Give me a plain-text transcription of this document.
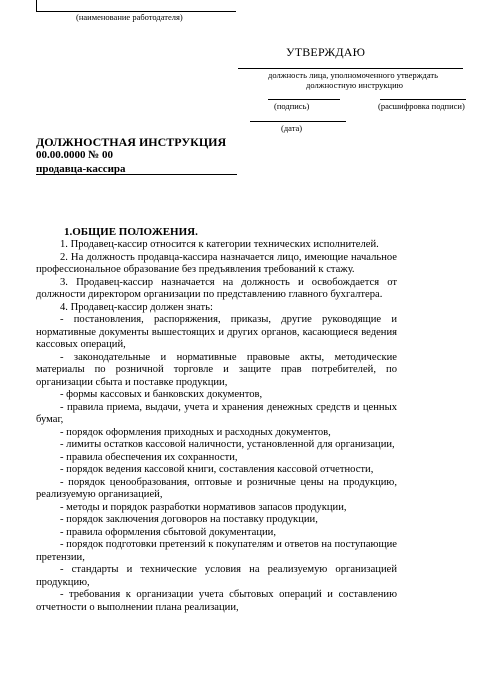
(наименование работодателя)
УТВЕРЖДАЮ
должность лица, уполномоченного утверждать
должностную инструкцию
(подпись)	(расшифровка подписи)
(дата)
ДОЛЖНОСТНАЯ ИНСТРУКЦИЯ
00.00.0000 № 00
продавца-кассира
1.ОБЩИЕ ПОЛОЖЕНИЯ.

1. Продавец-кассир относится к категории технических исполнителей.

2. На должность продавца-кассира назначается лицо, имеющие начальное профессиональное образование без предъявления требований к стажу.

3. Продавец-кассир назначается на должность и освобождается от должности директором организации по представлению главного бухгалтера.

4. Продавец-кассир должен знать:

- постановления, распоряжения, приказы, другие руководящие и нормативные документы вышестоящих и других органов, касающиеся ведения кассовых операций,

- законодательные и нормативные правовые акты, методические материалы по розничной торговле и защите прав потребителей, по организации сбыта и поставке продукции,

- формы кассовых и банковских документов,

- правила приема, выдачи, учета и хранения денежных средств и ценных бумаг,

- порядок оформления приходных и расходных документов,

- лимиты остатков кассовой наличности, установленной для организации,

- правила обеспечения их сохранности,

- порядок ведения кассовой книги, составления кассовой отчетности,

- порядок ценообразования, оптовые и розничные цены на продукцию, реализуемую организацией,

- методы и порядок разработки нормативов запасов продукции,

- порядок заключения договоров на поставку продукции,

- правила оформления сбытовой документации,

- порядок подготовки претензий к покупателям и ответов на поступающие претензии,

- стандарты и технические условия на реализуемую организацией продукцию,

- требования к организации учета сбытовых операций и составлению отчетности о выполнении плана реализации,
